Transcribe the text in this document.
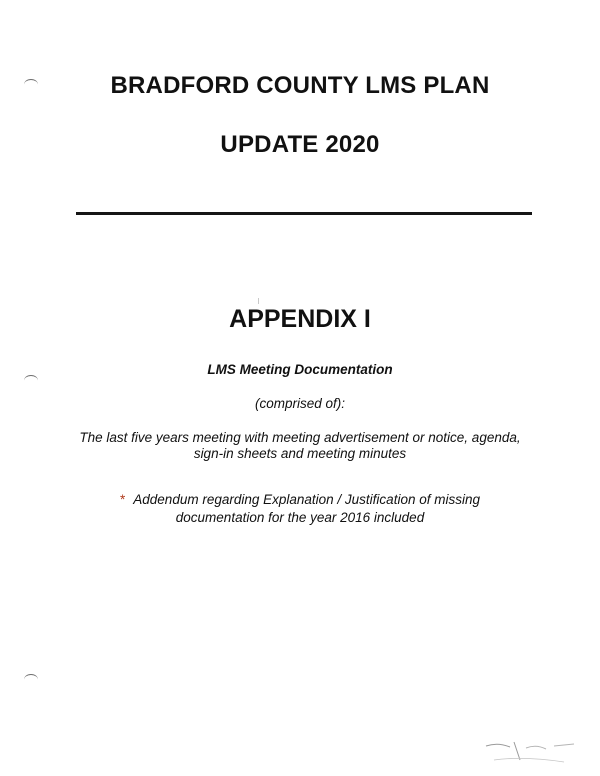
BRADFORD COUNTY LMS PLAN
UPDATE 2020
APPENDIX I

LMS Meeting Documentation

(comprised of):

The last five years meeting with meeting advertisement or notice, agenda,

sign-in sheets and meeting minutes

* Addendum regarding Explanation / Justification of missing

documentation for the year 2016 included
